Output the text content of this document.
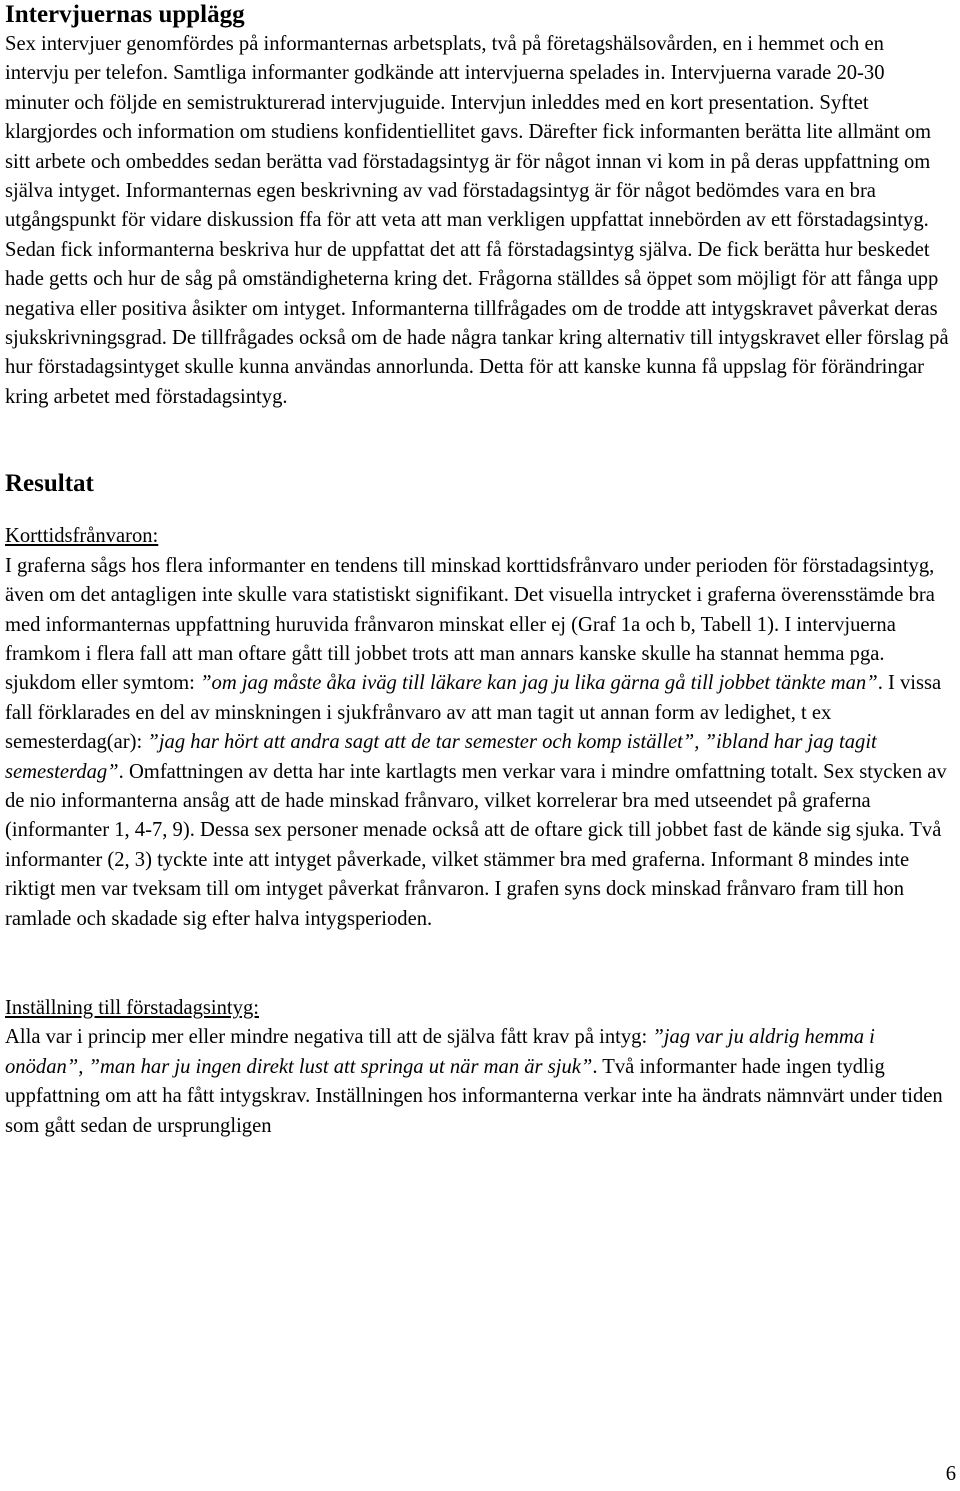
Intervjuernas upplägg

Sex intervjuer genomfördes på informanternas arbetsplats, två på företagshälsovården, en i hemmet och en intervju per telefon. Samtliga informanter godkände att intervjuerna spelades in. Intervjuerna varade 20-30 minuter och följde en semistrukturerad intervjuguide. Intervjun inleddes med en kort presentation. Syftet klargjordes och information om studiens konfidentiellitet gavs. Därefter fick informanten berätta lite allmänt om sitt arbete och ombeddes sedan berätta vad förstadagsintyg är för något innan vi kom in på deras uppfattning om själva intyget. Informanternas egen beskrivning av vad förstadagsintyg är för något bedömdes vara en bra utgångspunkt för vidare diskussion ffa för att veta att man verkligen uppfattat innebörden av ett förstadagsintyg. Sedan fick informanterna beskriva hur de uppfattat det att få förstadagsintyg själva. De fick berätta hur beskedet hade getts och hur de såg på omständigheterna kring det. Frågorna ställdes så öppet som möjligt för att fånga upp negativa eller positiva åsikter om intyget. Informanterna tillfrågades om de trodde att intygskravet påverkat deras sjukskrivningsgrad. De tillfrågades också om de hade några tankar kring alternativ till intygskravet eller förslag på hur förstadagsintyget skulle kunna användas annorlunda. Detta för att kanske kunna få uppslag för förändringar kring arbetet med förstadagsintyg.

Resultat

Korttidsfrånvaron:

I graferna sågs hos flera informanter en tendens till minskad korttidsfrånvaro under perioden för förstadagsintyg, även om det antagligen inte skulle vara statistiskt signifikant. Det visuella intrycket i graferna överensstämde bra med informanternas uppfattning huruvida frånvaron minskat eller ej (Graf 1a och b, Tabell 1). I intervjuerna framkom i flera fall att man oftare gått till jobbet trots att man annars kanske skulle ha stannat hemma pga. sjukdom eller symtom: ”om jag måste åka iväg till läkare kan jag ju lika gärna gå till jobbet tänkte man”. I vissa fall förklarades en del av minskningen i sjukfrånvaro av att man tagit ut annan form av ledighet, t ex semesterdag(ar): ”jag har hört att andra sagt att de tar semester och komp istället”, ”ibland har jag tagit semesterdag”. Omfattningen av detta har inte kartlagts men verkar vara i mindre omfattning totalt. Sex stycken av de nio informanterna ansåg att de hade minskad frånvaro, vilket korrelerar bra med utseendet på graferna (informanter 1, 4-7, 9). Dessa sex personer menade också att de oftare gick till jobbet fast de kände sig sjuka. Två informanter (2, 3) tyckte inte att intyget påverkade, vilket stämmer bra med graferna. Informant 8 mindes inte riktigt men var tveksam till om intyget påverkat frånvaron. I grafen syns dock minskad frånvaro fram till hon ramlade och skadade sig efter halva intygsperioden.

Inställning till förstadagsintyg:

Alla var i princip mer eller mindre negativa till att de själva fått krav på intyg: ”jag var ju aldrig hemma i onödan”, ”man har ju ingen direkt lust att springa ut när man är sjuk”. Två informanter hade ingen tydlig uppfattning om att ha fått intygskrav. Inställningen hos informanterna verkar inte ha ändrats nämnvärt under tiden som gått sedan de ursprungligen

6
